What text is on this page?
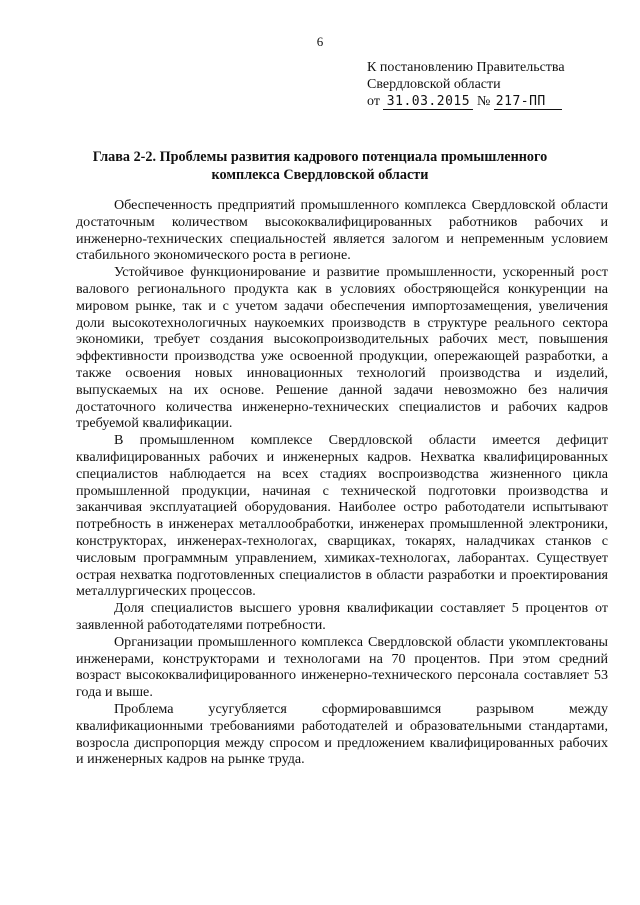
6
К постановлению Правительства
Свердловской области
от 31.03.2015 № 217-ПП
Глава 2-2. Проблемы развития кадрового потенциала промышленного комплекса Свердловской области

Обеспеченность предприятий промышленного комплекса Свердловской области достаточным количеством высококвалифицированных работников рабочих и инженерно-технических специальностей является залогом и непременным условием стабильного экономического роста в регионе.

Устойчивое функционирование и развитие промышленности, ускоренный рост валового регионального продукта как в условиях обостряющейся конкуренции на мировом рынке, так и с учетом задачи обеспечения импортозамещения, увеличения доли высокотехнологичных наукоемких производств в структуре реального сектора экономики, требует создания высокопроизводительных рабочих мест, повышения эффективности производства уже освоенной продукции, опережающей разработки, а также освоения новых инновационных технологий производства и изделий, выпускаемых на их основе. Решение данной задачи невозможно без наличия достаточного количества инженерно-технических специалистов и рабочих кадров требуемой квалификации.

В промышленном комплексе Свердловской области имеется дефицит квалифицированных рабочих и инженерных кадров. Нехватка квалифицированных специалистов наблюдается на всех стадиях воспроизводства жизненного цикла промышленной продукции, начиная с технической подготовки производства и заканчивая эксплуатацией оборудования. Наиболее остро работодатели испытывают потребность в инженерах металлообработки, инженерах промышленной электроники, конструкторах, инженерах-технологах, сварщиках, токарях, наладчиках станков с числовым программным управлением, химиках-технологах, лаборантах. Существует острая нехватка подготовленных специалистов в области разработки и проектирования металлургических процессов.

Доля специалистов высшего уровня квалификации составляет 5 процентов от заявленной работодателями потребности.

Организации промышленного комплекса Свердловской области укомплектованы инженерами, конструкторами и технологами на 70 процентов. При этом средний возраст высококвалифицированного инженерно-технического персонала составляет 53 года и выше.

Проблема усугубляется сформировавшимся разрывом между квалификационными требованиями работодателей и образовательными стандартами, возросла диспропорция между спросом и предложением квалифицированных рабочих и инженерных кадров на рынке труда.
